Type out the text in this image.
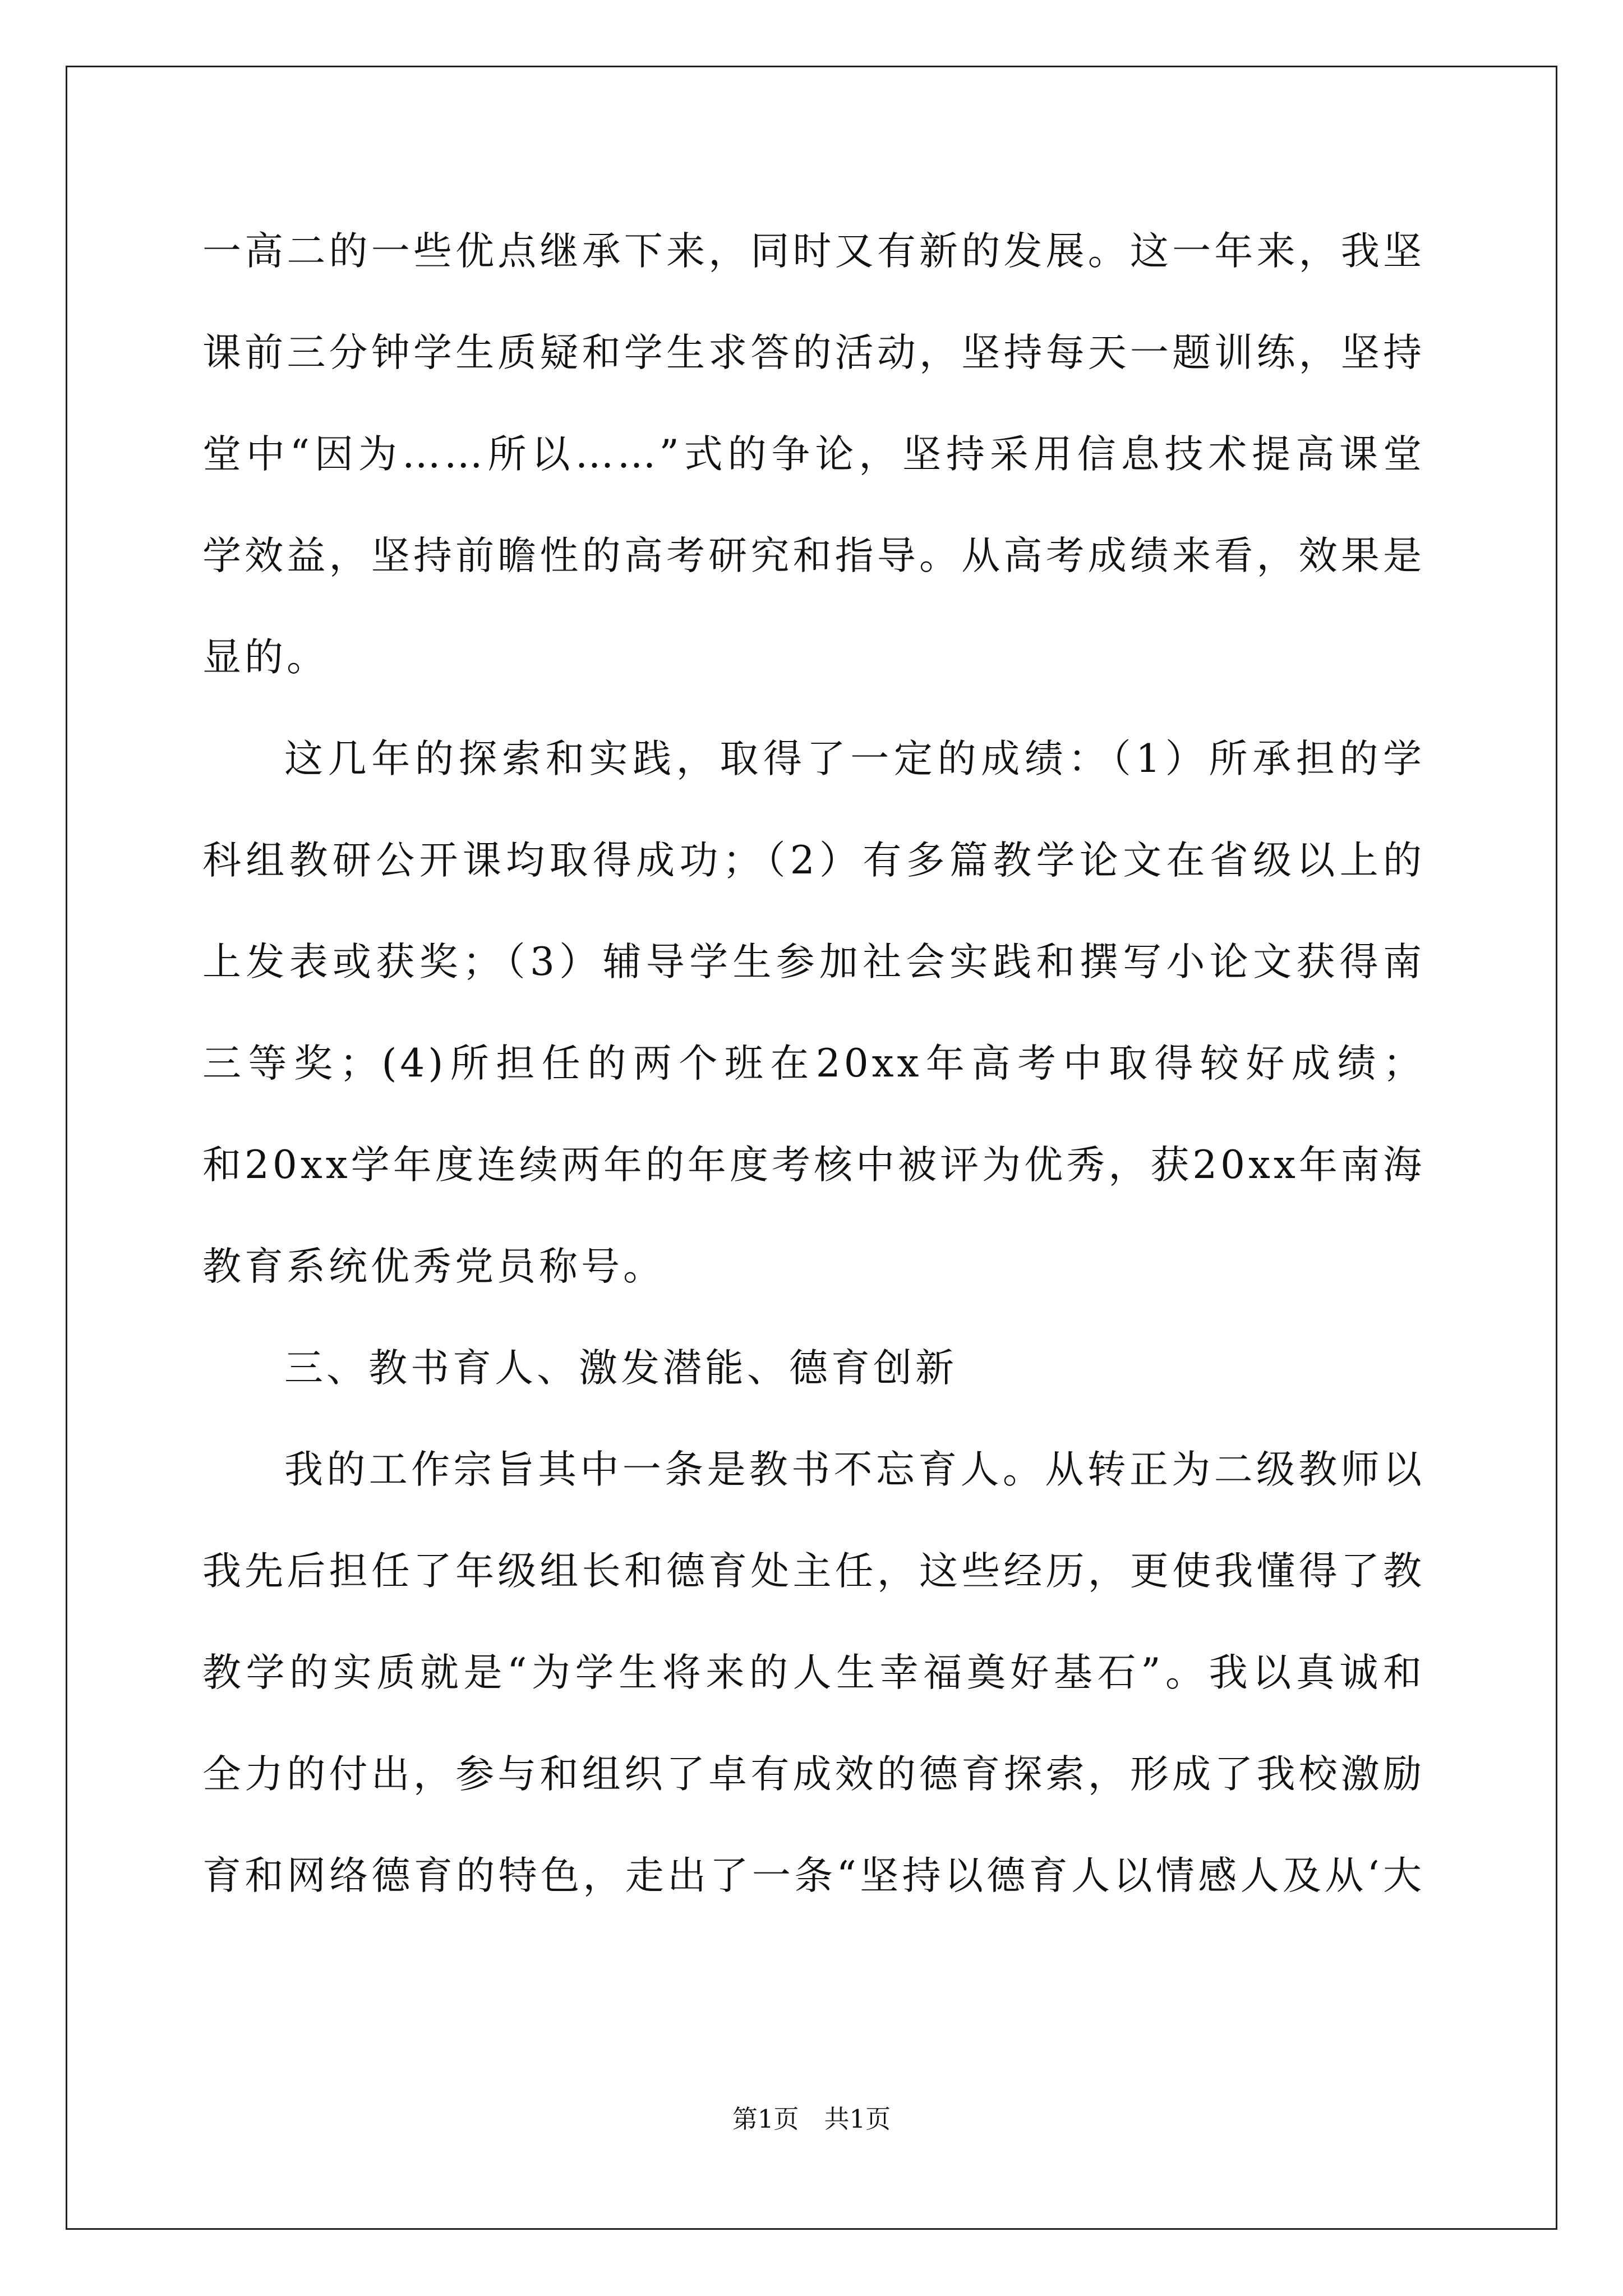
一高二的一些优点继承下来，同时又有新的发展。这一年来，我坚
课前三分钟学生质疑和学生求答的活动，坚持每天一题训练，坚持
堂中“因为……所以……”式的争论，坚持采用信息技术提高课堂
学效益，坚持前瞻性的高考研究和指导。从高考成绩来看，效果是
显的。
这几年的探索和实践，取得了一定的成绩：（1）所承担的学
科组教研公开课均取得成功；（2）有多篇教学论文在省级以上的
上发表或获奖；（3）辅导学生参加社会实践和撰写小论文获得南
三等奖；(4)所担任的两个班在20xx年高考中取得较好成绩；
和20xx学年度连续两年的年度考核中被评为优秀，获20xx年南海
教育系统优秀党员称号。
三、教书育人、激发潜能、德育创新
我的工作宗旨其中一条是教书不忘育人。从转正为二级教师以
我先后担任了年级组长和德育处主任，这些经历，更使我懂得了教
教学的实质就是“为学生将来的人生幸福奠好基石”。我以真诚和
全力的付出，参与和组织了卓有成效的德育探索，形成了我校激励
育和网络德育的特色，走出了一条“坚持以德育人以情感人及从‘大
第1页　共1页
